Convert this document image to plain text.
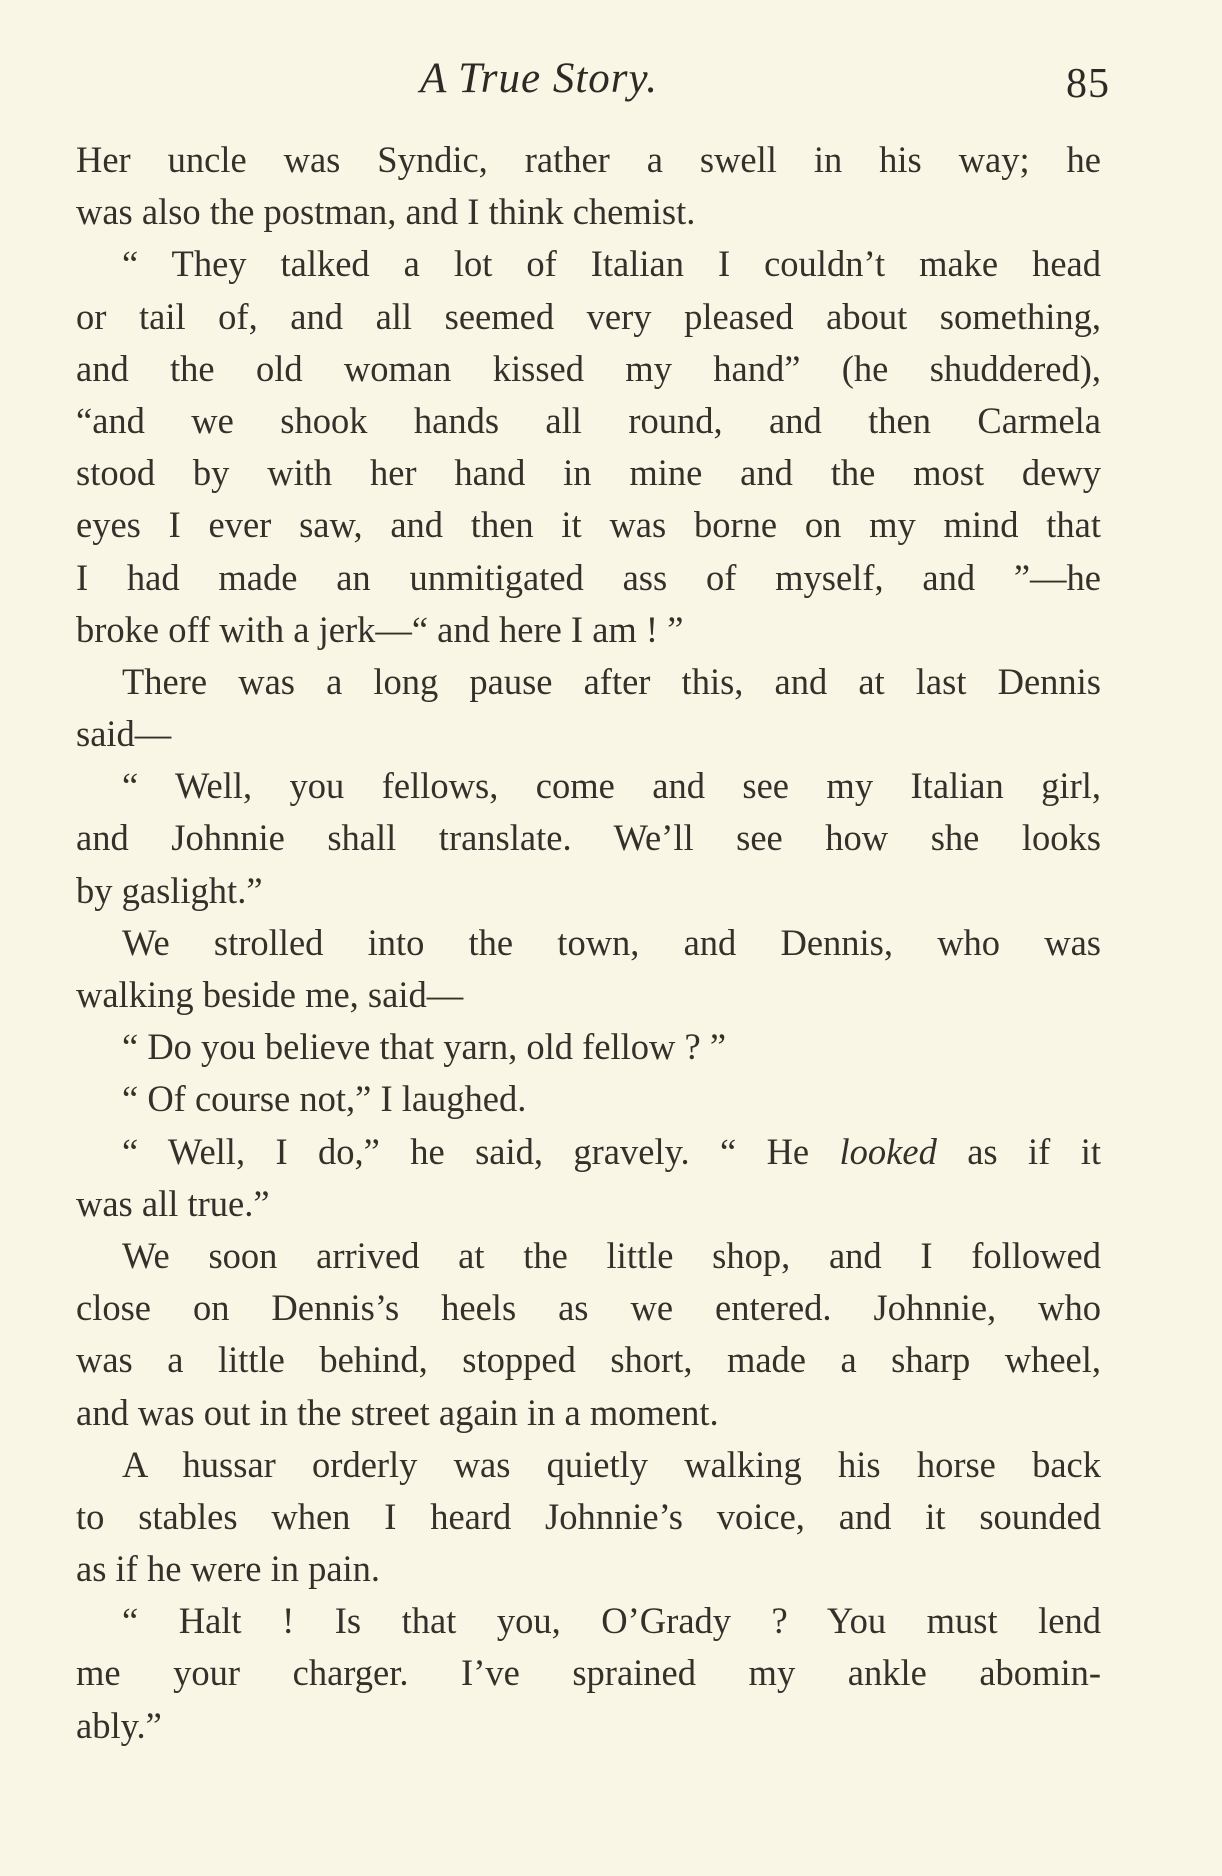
A True Story.	85
Her uncle was Syndic, rather a swell in his way; he
was also the postman, and I think chemist.
“ They talked a lot of Italian I couldn’t make head
or tail of, and all seemed very pleased about something,
and the old woman kissed my hand” (he shuddered),
“and we shook hands all round, and then Carmela
stood by with her hand in mine and the most dewy
eyes I ever saw, and then it was borne on my mind that
I had made an unmitigated ass of myself, and ”—he
broke off with a jerk—“ and here I am ! ”
There was a long pause after this, and at last Dennis
said—
“ Well, you fellows, come and see my Italian girl,
and Johnnie shall translate. We’ll see how she looks
by gaslight.”
We strolled into the town, and Dennis, who was
walking beside me, said—
“ Do you believe that yarn, old fellow ? ”
“ Of course not,” I laughed.
“ Well, I do,” he said, gravely. “ He looked as if it
was all true.”
We soon arrived at the little shop, and I followed
close on Dennis’s heels as we entered. Johnnie, who
was a little behind, stopped short, made a sharp wheel,
and was out in the street again in a moment.
A hussar orderly was quietly walking his horse back
to stables when I heard Johnnie’s voice, and it sounded
as if he were in pain.
“ Halt ! Is that you, O’Grady ? You must lend
me your charger. I’ve sprained my ankle abomin-
ably.”
